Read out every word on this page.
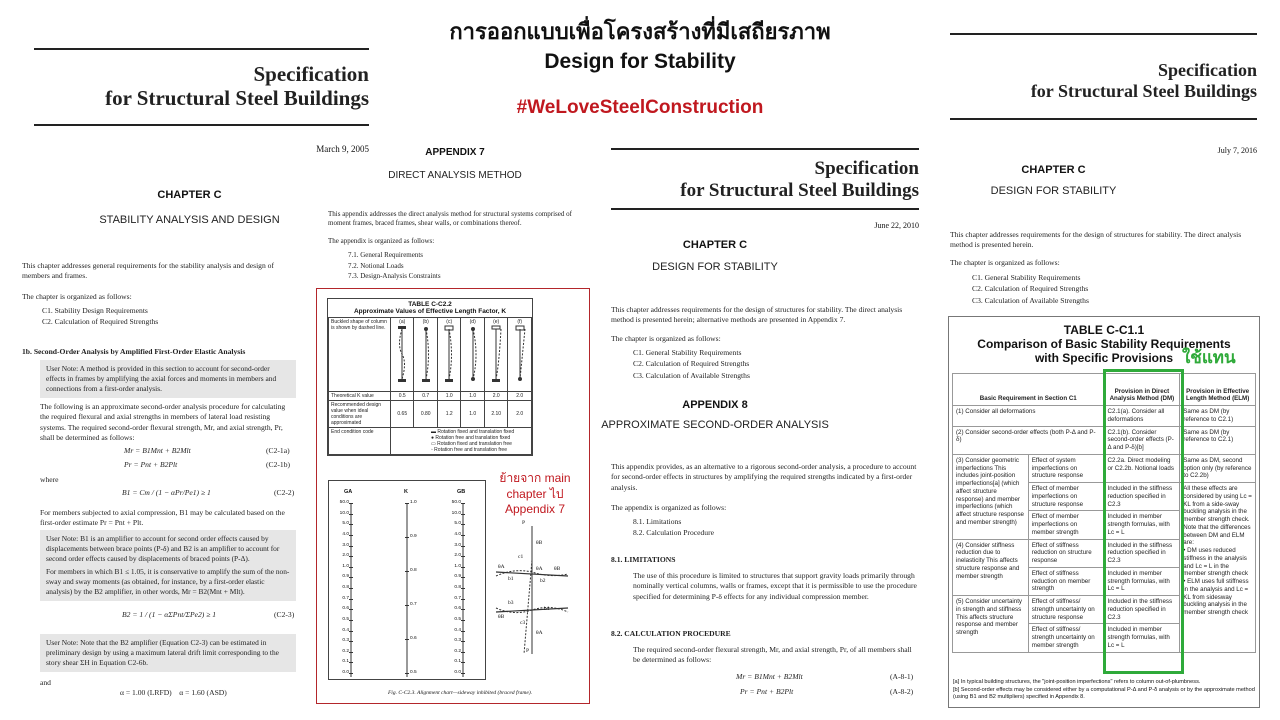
การออกแบบเพื่อโครงสร้างที่มีเสถียรภาพ
Design for Stability
#WeLoveSteelConstruction
Specification
for Structural Steel Buildings
March 9, 2005
CHAPTER C
STABILITY ANALYSIS AND DESIGN
This chapter addresses general requirements for the stability analysis and design of members and frames.
The chapter is organized as follows:
C1. Stability Design Requirements
C2. Calculation of Required Strengths
1b. Second-Order Analysis by Amplified First-Order Elastic Analysis
User Note: A method is provided in this section to account for second-order effects in frames by amplifying the axial forces and moments in members and connections from a first-order analysis.
The following is an approximate second-order analysis procedure for calculating the required flexural and axial strengths in members of lateral load resisting systems. The required second-order flexural strength, Mr, and axial strength, Pr, shall be determined as follows:
Mr = B1Mnt + B2Mlt	(C2-1a)
Pr = Pnt + B2Plt	(C2-1b)
where
B1 = Cm / (1 − αPr/Pe1) ≥ 1	(C2-2)
For members subjected to axial compression, B1 may be calculated based on the first-order estimate Pr = Pnt + Plt.
User Note: B1 is an amplifier to account for second order effects caused by displacements between brace points (P-δ) and B2 is an amplifier to account for second order effects caused by displacements of braced points (P-Δ).
For members in which B1 ≤ 1.05, it is conservative to amplify the sum of the non-sway and sway moments (as obtained, for instance, by a first-order elastic analysis) by the B2 amplifier, in other words, Mr = B2(Mnt + Mlt).
B2 = 1 / (1 − αΣPnt/ΣPe2) ≥ 1	(C2-3)
User Note: Note that the B2 amplifier (Equation C2-3) can be estimated in preliminary design by using a maximum lateral drift limit corresponding to the story shear ΣH in Equation C2-6b.
and
α = 1.00 (LRFD)    α = 1.60 (ASD)
APPENDIX 7
DIRECT ANALYSIS METHOD
This appendix addresses the direct analysis method for structural systems comprised of moment frames, braced frames, shear walls, or combinations thereof.
The appendix is organized as follows:
7.1. General Requirements
7.2. Notional Loads
7.3. Design-Analysis Constraints
TABLE C-C2.2
Approximate Values of Effective Length Factor, K
Buckled shape of column is shown by dashed line.	(a)	(b)	(c)	(d)	(e)	(f)

Theoretical K value	0.5	0.7	1.0	1.0	2.0	2.0
Recommended design value when ideal conditions are approximated	0.65	0.80	1.2	1.0	2.10	2.0
End condition code	▬ Rotation fixed and translation fixed
● Rotation free and translation fixed
▭ Rotation fixed and translation free
◦ Rotation free and translation free					
GA	K	GB
50.0
10.0
5.0
4.0
3.0
2.0
1.0
0.9
0.8
0.7
0.6
0.5
0.4
0.3
0.2
0.1
0.0
50.0
10.0
5.0
4.0
3.0
2.0
1.0
0.9
0.8
0.7
0.6
0.5
0.4
0.3
0.2
0.1
0.0
1.0
0.9
0.8
0.7
0.6
0.5
Fig. C-C2.3. Alignment chart—sideway inhibited (braced frame).
P
θB
c1
θA
b1
θA
b2
θB
b3
b4
θB
c3
θA
P
ย้ายจาก main chapter ไป Appendix 7
Specification
for Structural Steel Buildings
June 22, 2010
CHAPTER C
DESIGN FOR STABILITY
This chapter addresses requirements for the design of structures for stability. The direct analysis method is presented herein; alternative methods are presented in Appendix 7.
The chapter is organized as follows:
C1. General Stability Requirements
C2. Calculation of Required Strengths
C3. Calculation of Available Strengths
APPENDIX 8
APPROXIMATE SECOND-ORDER ANALYSIS
This appendix provides, as an alternative to a rigorous second-order analysis, a procedure to account for second-order effects in structures by amplifying the required strengths indicated by a first-order analysis.
The appendix is organized as follows:
8.1. Limitations
8.2. Calculation Procedure
8.1. LIMITATIONS
The use of this procedure is limited to structures that support gravity loads primarily through nominally vertical columns, walls or frames, except that it is permissible to use the procedure specified for determining P-δ effects for any individual compression member.
8.2. CALCULATION PROCEDURE
The required second-order flexural strength, Mr, and axial strength, Pr, of all members shall be determined as follows:
Mr = B1Mnt + B2Mlt	(A-8-1)
Pr = Pnt + B2Plt	(A-8-2)
Specification
for Structural Steel Buildings
July 7, 2016
CHAPTER C
DESIGN FOR STABILITY
This chapter addresses requirements for the design of structures for stability. The direct analysis method is presented herein.
The chapter is organized as follows:
C1. General Stability Requirements
C2. Calculation of Required Strengths
C3. Calculation of Available Strengths
TABLE C-C1.1
Comparison of Basic Stability Requirements
with Specific Provisions
Basic Requirement in Section C1		Provision in Direct Analysis Method (DM)	Provision in Effective Length Method (ELM)
(1) Consider all deformations		C2.1(a). Consider all deformations	Same as DM (by reference to C2.1)
(2) Consider second-order effects (both P-Δ and P-δ)		C2.1(b). Consider second-order effects (P-Δ and P-δ)[b]	Same as DM (by reference to C2.1)
(3) Consider geometric imperfections This includes joint-position imperfections[a] (which affect structure response) and member imperfections (which affect structure response and member strength)	Effect of system imperfections on structure response	C2.2a. Direct modeling or C2.2b. Notional loads	Same as DM, second option only (by reference to C2.2b)
	Effect of member imperfections on structure response	Included in the stiffness reduction specified in C2.3	All these effects are considered by using Lc = KL from a side-sway buckling analysis in the member strength check. Note that the differences between DM and ELM are:
• DM uses reduced stiffness in the analysis and Lc = L in the member strength check
• ELM uses full stiffness in the analysis and Lc = KL from sidesway buckling analysis in the member strength check

	Effect of member imperfections on member strength	Included in member strength formulas, with Lc = L	
(4) Consider stiffness reduction due to inelasticity This affects structure response and member strength	Effect of stiffness reduction on structure response	Included in the stiffness reduction specified in C2.3	
	Effect of stiffness reduction on member strength	Included in member strength formulas, with Lc = L	
(5) Consider uncertainty in strength and stiffness This affects structure response and member strength	Effect of stiffness/ strength uncertainty on structure response	Included in the stiffness reduction specified in C2.3	
	Effect of stiffness/ strength uncertainty on member strength	Included in member strength formulas, with Lc = L	
[a] In typical building structures, the "joint-position imperfections" refers to column out-of-plumbness.
[b] Second-order effects may be considered either by a computational P-Δ and P-δ analysis or by the approximate method (using B1 and B2 multipliers) specified in Appendix 8.
ใช้แทน
